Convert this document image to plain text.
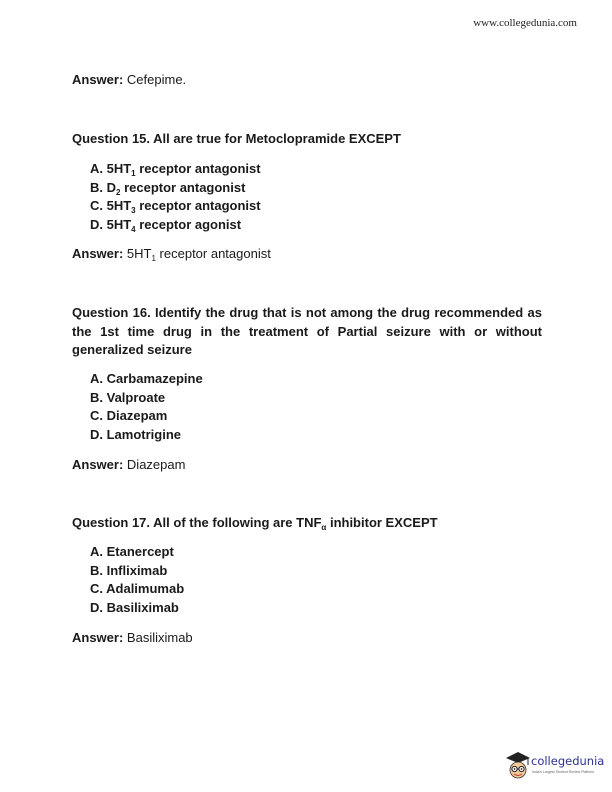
www.collegedunia.com
Answer: Cefepime.
Question 15. All are true for Metoclopramide EXCEPT
A. $5HT_1$ receptor antagonist
B. $D_2$ receptor antagonist
C. $5HT_3$ receptor antagonist
D. $5HT_4$ receptor agonist
Answer: $5HT_1$ receptor antagonist
Question 16. Identify the drug that is not among the drug recommended as the 1st time drug in the treatment of Partial seizure with or without generalized seizure
A. Carbamazepine
B. Valproate
C. Diazepam
D. Lamotrigine
Answer: Diazepam
Question 17. All of the following are $TNF_\alpha$ inhibitor EXCEPT
A. Etanercept
B. Infliximab
C. Adalimumab
D. Basiliximab
Answer: Basiliximab
collegedunia
India's Largest Student Review Platform
